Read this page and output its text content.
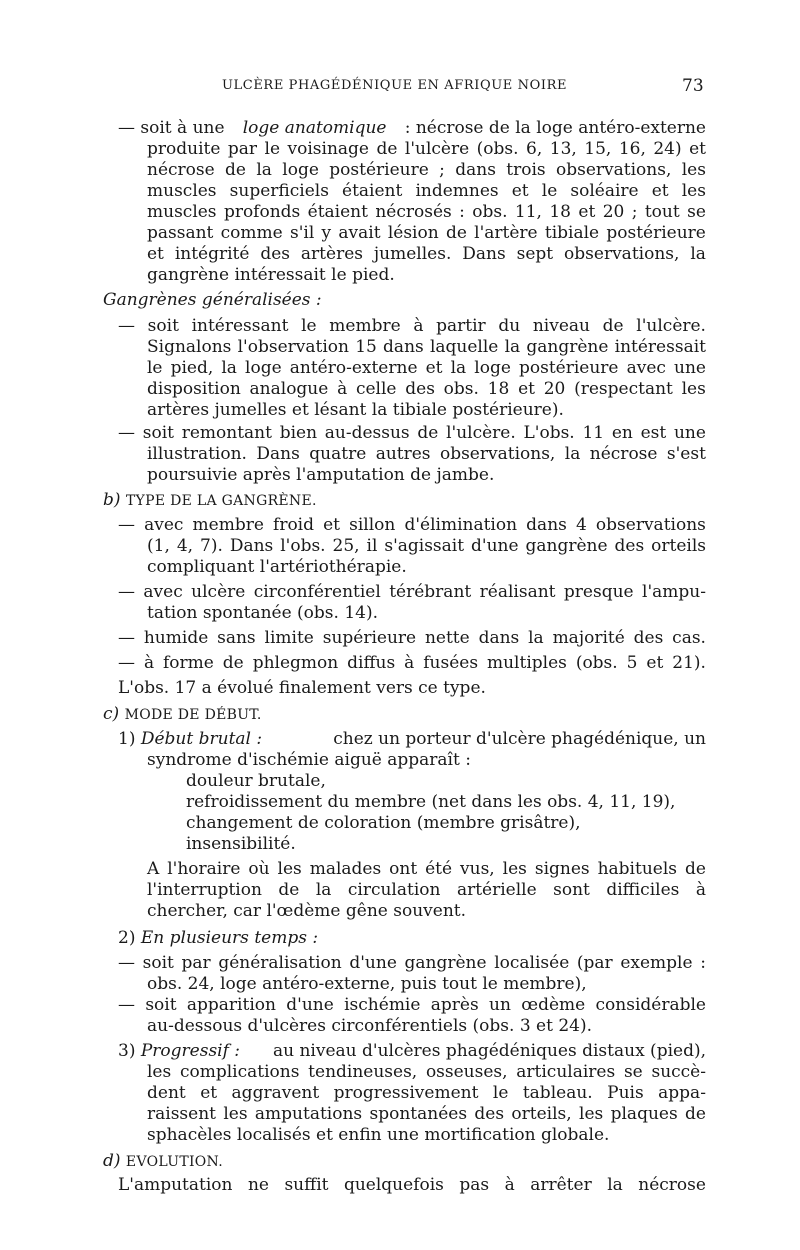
ULCÈRE PHAGÉDÉNIQUE EN AFRIQUE NOIRE	73
— soit à une loge anatomique : nécrose de la loge antéro-externe
produite par le voisinage de l'ulcère (obs. 6, 13, 15, 16, 24) et
nécrose de la loge postérieure ; dans trois observations, les
muscles superficiels étaient indemnes et le soléaire et les
muscles profonds étaient nécrosés : obs. 11, 18 et 20 ; tout se
passant comme s'il y avait lésion de l'artère tibiale postérieure
et intégrité des artères jumelles. Dans sept observations, la
gangrène intéressait le pied.
Gangrènes généralisées :
— soit intéressant le membre à partir du niveau de l'ulcère.
Signalons l'observation 15 dans laquelle la gangrène intéressait
le pied, la loge antéro-externe et la loge postérieure avec une
disposition analogue à celle des obs. 18 et 20 (respectant les
artères jumelles et lésant la tibiale postérieure).
— soit remontant bien au-dessus de l'ulcère. L'obs. 11 en est une
illustration. Dans quatre autres observations, la nécrose s'est
poursuivie après l'amputation de jambe.
b) TYPE DE LA GANGRÈNE.
— avec membre froid et sillon d'élimination dans 4 observations
(1, 4, 7). Dans l'obs. 25, il s'agissait d'une gangrène des orteils
compliquant l'artériothérapie.
— avec ulcère circonférentiel térébrant réalisant presque l'ampu-
tation spontanée (obs. 14).
— humide sans limite supérieure nette dans la majorité des cas.
— à forme de phlegmon diffus à fusées multiples (obs. 5 et 21).
L'obs. 17 a évolué finalement vers ce type.
c) MODE DE DÉBUT.
1) Début brutal :	chez un porteur d'ulcère phagédénique, un
syndrome d'ischémie aiguë apparaît :
douleur brutale,
refroidissement du membre (net dans les obs. 4, 11, 19),
changement de coloration (membre grisâtre),
insensibilité.
A l'horaire où les malades ont été vus, les signes habituels de
l'interruption de la circulation artérielle sont difficiles à
chercher, car l'œdème gêne souvent.
2) En plusieurs temps :
— soit par généralisation d'une gangrène localisée (par exemple :
obs. 24, loge antéro-externe, puis tout le membre),
— soit apparition d'une ischémie après un œdème considérable
au-dessous d'ulcères circonférentiels (obs. 3 et 24).
3) Progressif : au niveau d'ulcères phagédéniques distaux (pied),
les complications tendineuses, osseuses, articulaires se succè-
dent et aggravent progressivement le tableau. Puis appa-
raissent les amputations spontanées des orteils, les plaques de
sphacèles localisés et enfin une mortification globale.
d) EVOLUTION.
L'amputation ne suffit quelquefois pas à arrêter la nécrose
